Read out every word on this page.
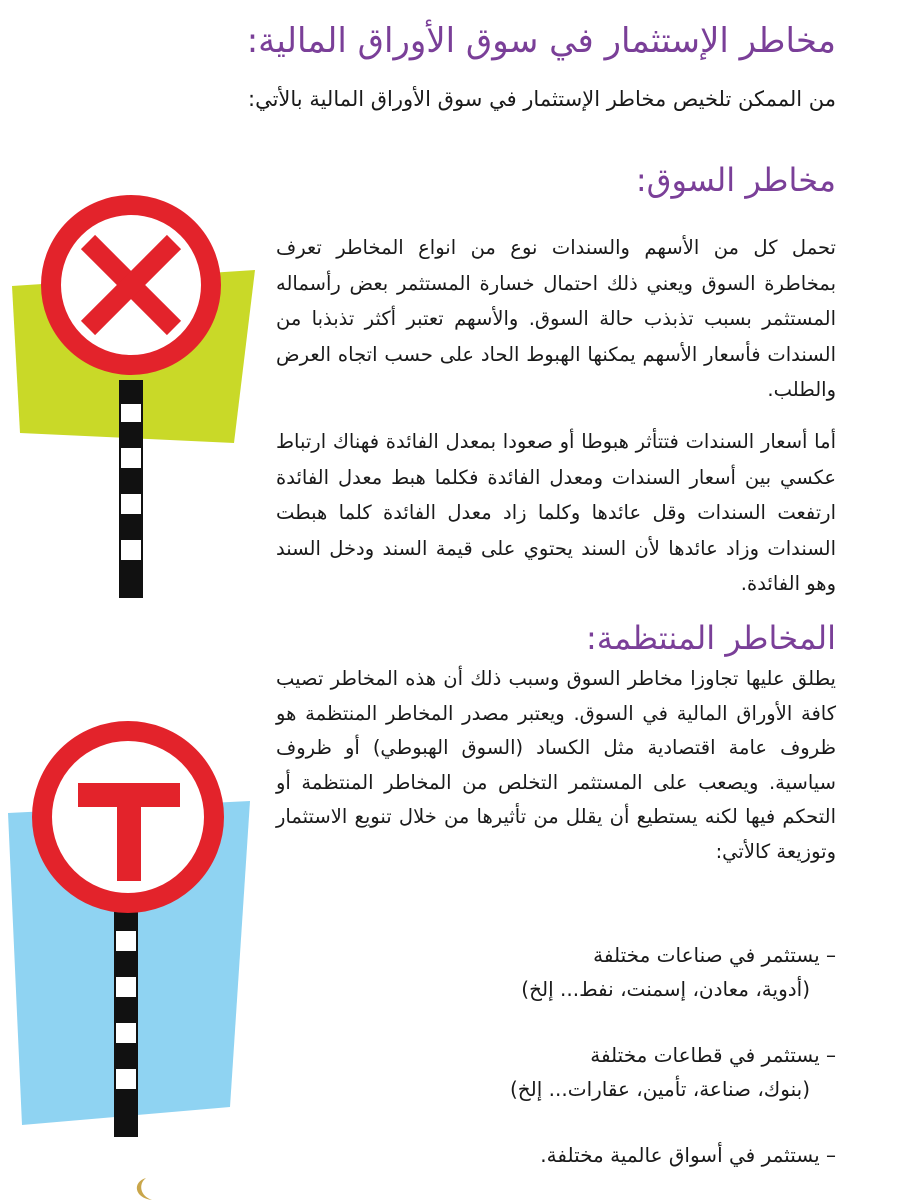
مخاطر الإستثمار في سوق الأوراق المالية:
من الممكن تلخيص مخاطر الإستثمار في سوق الأوراق المالية بالأتي:
مخاطر السوق:
تحمل كل من الأسهم والسندات نوع من انواع المخاطر تعرف بمخاطرة السوق ويعني ذلك احتمال خسارة المستثمر بعض رأسماله المستثمر بسبب تذبذب حالة السوق. والأسهم تعتبر أكثر تذبذبا من السندات فأسعار الأسهم يمكنها الهبوط الحاد على حسب اتجاه العرض والطلب.
أما أسعار السندات فتتأثر هبوطا أو صعودا بمعدل الفائدة فهناك ارتباط عكسي بين أسعار السندات ومعدل الفائدة فكلما هبط معدل الفائدة ارتفعت السندات وقل عائدها وكلما زاد معدل الفائدة كلما هبطت السندات وزاد عائدها لأن السند يحتوي على قيمة السند ودخل السند وهو الفائدة.
المخاطر المنتظمة:
يطلق عليها تجاوزا مخاطر السوق وسبب ذلك أن هذه المخاطر تصيب كافة الأوراق المالية في السوق. ويعتبر مصدر المخاطر المنتظمة هو ظروف عامة اقتصادية مثل الكساد (السوق الهبوطي) أو ظروف سياسية. ويصعب على المستثمر التخلص من المخاطر المنتظمة أو التحكم فيها لكنه يستطيع أن يقلل من تأثيرها من خلال تنويع الاستثمار وتوزيعة كالأتي:
– يستثمر في صناعات مختلفة
(أدوية، معادن، إسمنت، نفط... إلخ)
– يستثمر في قطاعات مختلفة
(بنوك، صناعة، تأمين، عقارات... إلخ)
– يستثمر في أسواق عالمية مختلفة.
